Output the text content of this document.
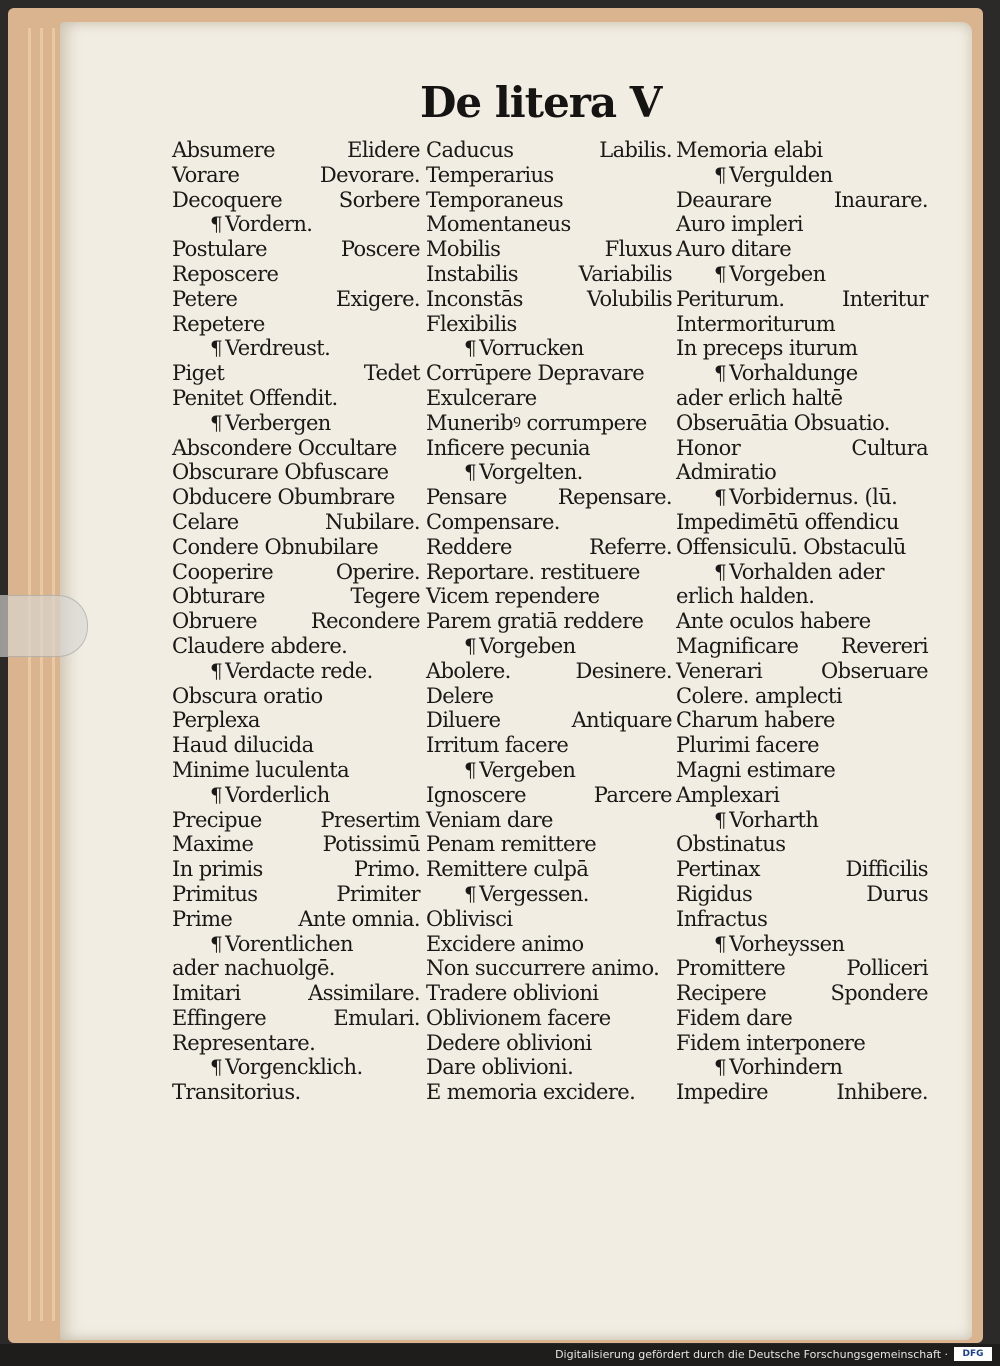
De litera V
Absumere	Elidere
Vorare	Devorare.
Decoquere	Sorbere
¶ Vordern.
Postulare	Poscere
Reposcere
Petere	Exigere.
Repetere
¶ Verdreust.
Piget	Tedet
Penitet Offendit.
¶ Verbergen
Abscondere Occultare
Obscurare Obfuscare
Obducere Obumbrare
Celare	Nubilare.
Condere Obnubilare
Cooperire	Operire.
Obturare	Tegere
Obruere	Recondere
Claudere abdere.
¶ Verdacte rede.
Obscura oratio
Perplexa
Haud dilucida
Minime luculenta
¶ Vorderlich
Precipue	Presertim
Maxime	Potissimū
In primis	Primo.
Primitus	Primiter
Prime	Ante omnia.
¶ Vorentlichen
ader nachuolgē.
Imitari	Assimilare.
Effingere	Emulari.
Representare.
¶ Vorgencklich.
Transitorius.
Caducus	Labilis.
Temperarius
Temporaneus
Momentaneus
Mobilis	Fluxus
Instabilis	Variabilis
Inconstās	Volubilis
Flexibilis
¶ Vorrucken
Corrūpere Depravare
Exulcerare
Muneribꝰ corrumpere
Inficere pecunia
¶ Vorgelten.
Pensare Repensare.
Compensare.
Reddere	Referre.
Reportare. restituere
Vicem rependere
Parem gratiā reddere
¶ Vorgeben
Abolere.	Desinere.
Delere
Diluere	Antiquare
Irritum facere
¶ Vergeben
Ignoscere	Parcere
Veniam dare
Penam remittere
Remittere culpā
¶ Vergessen.
Oblivisci
Excidere animo
Non succurrere animo.
Tradere oblivioni
Oblivionem facere
Dedere oblivioni
Dare oblivioni.
E memoria excidere.
Memoria elabi
¶ Vergulden
Deaurare	Inaurare.
Auro impleri
Auro ditare
¶ Vorgeben
Periturum.	Interitur
Intermoriturum
In preceps iturum
¶ Vorhaldunge
ader erlich haltē
Obseruātia Obsuatio.
Honor	Cultura
Admiratio
¶ Vorbidernus. (lū.
Impedimētū offendicu
Offensiculū. Obstaculū
¶ Vorhalden ader
erlich halden.
Ante oculos habere
Magnificare Revereri
Venerari	Obseruare
Colere. amplecti
Charum habere
Plurimi facere
Magni estimare
Amplexari
¶ Vorharth
Obstinatus
Pertinax	Difficilis
Rigidus	Durus
Infractus
¶ Vorheyssen
Promittere	Polliceri
Recipere	Spondere
Fidem dare
Fidem interponere
¶ Vorhindern
Impedire	Inhibere.
Digitalisierung gefördert durch die Deutsche Forschungsgemeinschaft ·	DFG
